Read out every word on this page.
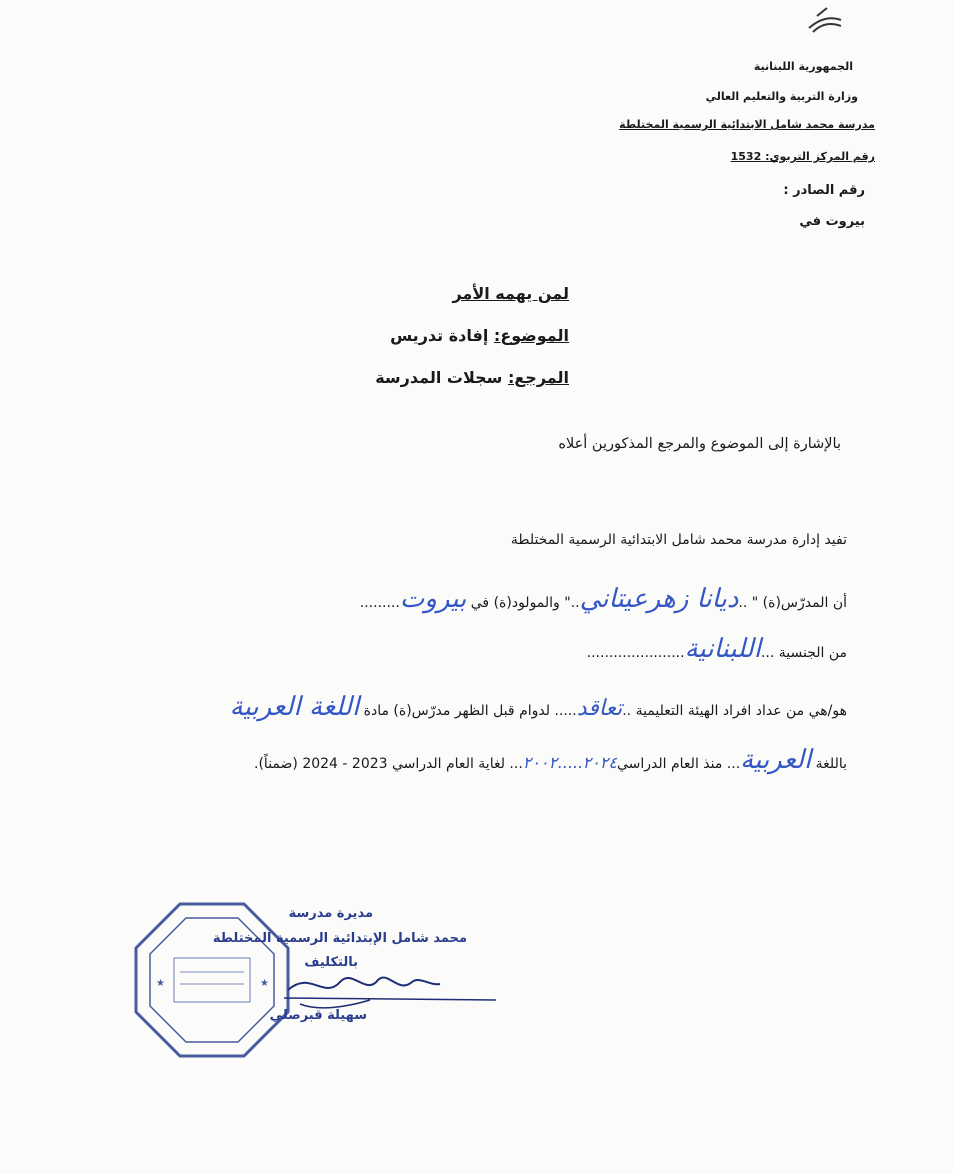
الجمهورية اللبنانية
وزارة التربية والتعليم العالي
مدرسة محمد شامل الابتدائية الرسمية المختلطة
رقم المركز التربوي: 1532
رقم الصادر :
بيروت في
لمن يهمه الأمر
الموضوع: إفادة تدريس
المرجع: سجلات المدرسة
بالإشارة إلى الموضوع والمرجع المذكورين أعلاه
تفيد إدارة مدرسة محمد شامل الابتدائية الرسمية المختلطة
أن المدرّس(ة) " ..ديانا زهرعيتاني.." والمولود(ة) في بيروت.........
من الجنسية ...اللبنانية......................
هو/هي من عداد افراد الهيئة التعليمية ..تعاقد..... لدوام قبل الظهر مدرّس(ة) مادة اللغة العربية
باللغة العربية... منذ العام الدراسي٢٠٢٤.....٢٠٠٢... لغاية العام الدراسي 2023 - 2024 (ضمناً).
★	★
مديرة مدرسة
محمد شامل الإبتدائية الرسمية المختلطة
بالتكليف
سهيلة قبرصلي
